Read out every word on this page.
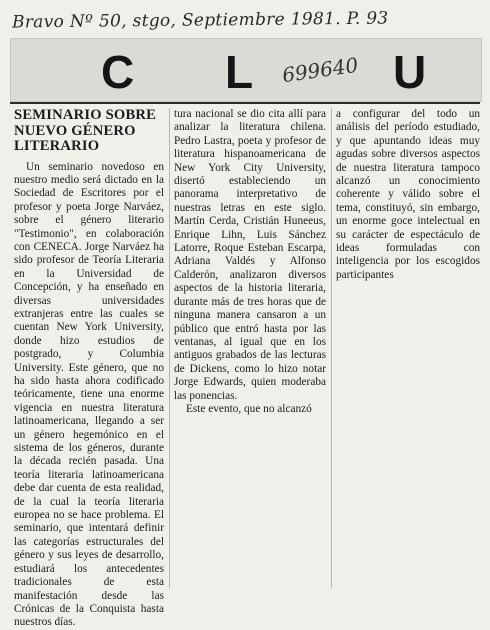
Bravo Nº 50, stgo, Septiembre 1981. P. 93
C L	U
699640
SEMINARIO SOBRE NUEVO GÉNERO LITERARIO

Un seminario novedoso en nuestro medio será dictado en la Sociedad de Escritores por el profesor y poeta Jorge Narváez, sobre el género literario "Testimonio", en colaboración con CENECA. Jorge Narváez ha sido profesor de Teoría Literaria en la Universidad de Concepción, y ha enseñado en diversas universidades extranjeras entre las cuales se cuentan New York University, donde hizo estudios de postgrado, y Columbia University. Este género, que no ha sido hasta ahora codificado teóricamente, tiene una enorme vigencia en nuestra literatura latinoamericana, llegando a ser un género hegemónico en el sistema de los géneros, durante la década recién pasada. Una teoría literaria latinoamericana debe dar cuenta de esta realidad, de la cual la teoría literaria europea no se hace problema. El seminario, que intentará definir las categorías estructurales del género y sus leyes de desarrollo, estudiará los antecedentes tradicionales de esta manifestación desde las Crónicas de la Conquista hasta nuestros días.

tura nacional se dio cita allí para analizar la literatura chilena. Pedro Lastra, poeta y profesor de literatura hispanoamericana de New York City University, disertó estableciendo un panorama interpretativo de nuestras letras en este siglo. Martín Cerda, Cristián Huneeus, Enrique Lihn, Luis Sánchez Latorre, Roque Esteban Escarpa, Adriana Valdés y Alfonso Calderón, analizaron diversos aspectos de la historia literaria, durante más de tres horas que de ninguna manera cansaron a un público que entró hasta por las ventanas, al igual que en los antiguos grabados de las lecturas de Dickens, como lo hizo notar Jorge Edwards, quien moderaba las ponencias.

Este evento, que no alcanzó

a configurar del todo un análisis del período estudiado, y que apuntando ideas muy agudas sobre diversos aspectos de nuestra literatura tampoco alcanzó un conocimiento coherente y válido sobre el tema, constituyó, sin embargo, un enorme goce intelectual en su carácter de espectáculo de ideas formuladas con inteligencia por los escogidos participantes
